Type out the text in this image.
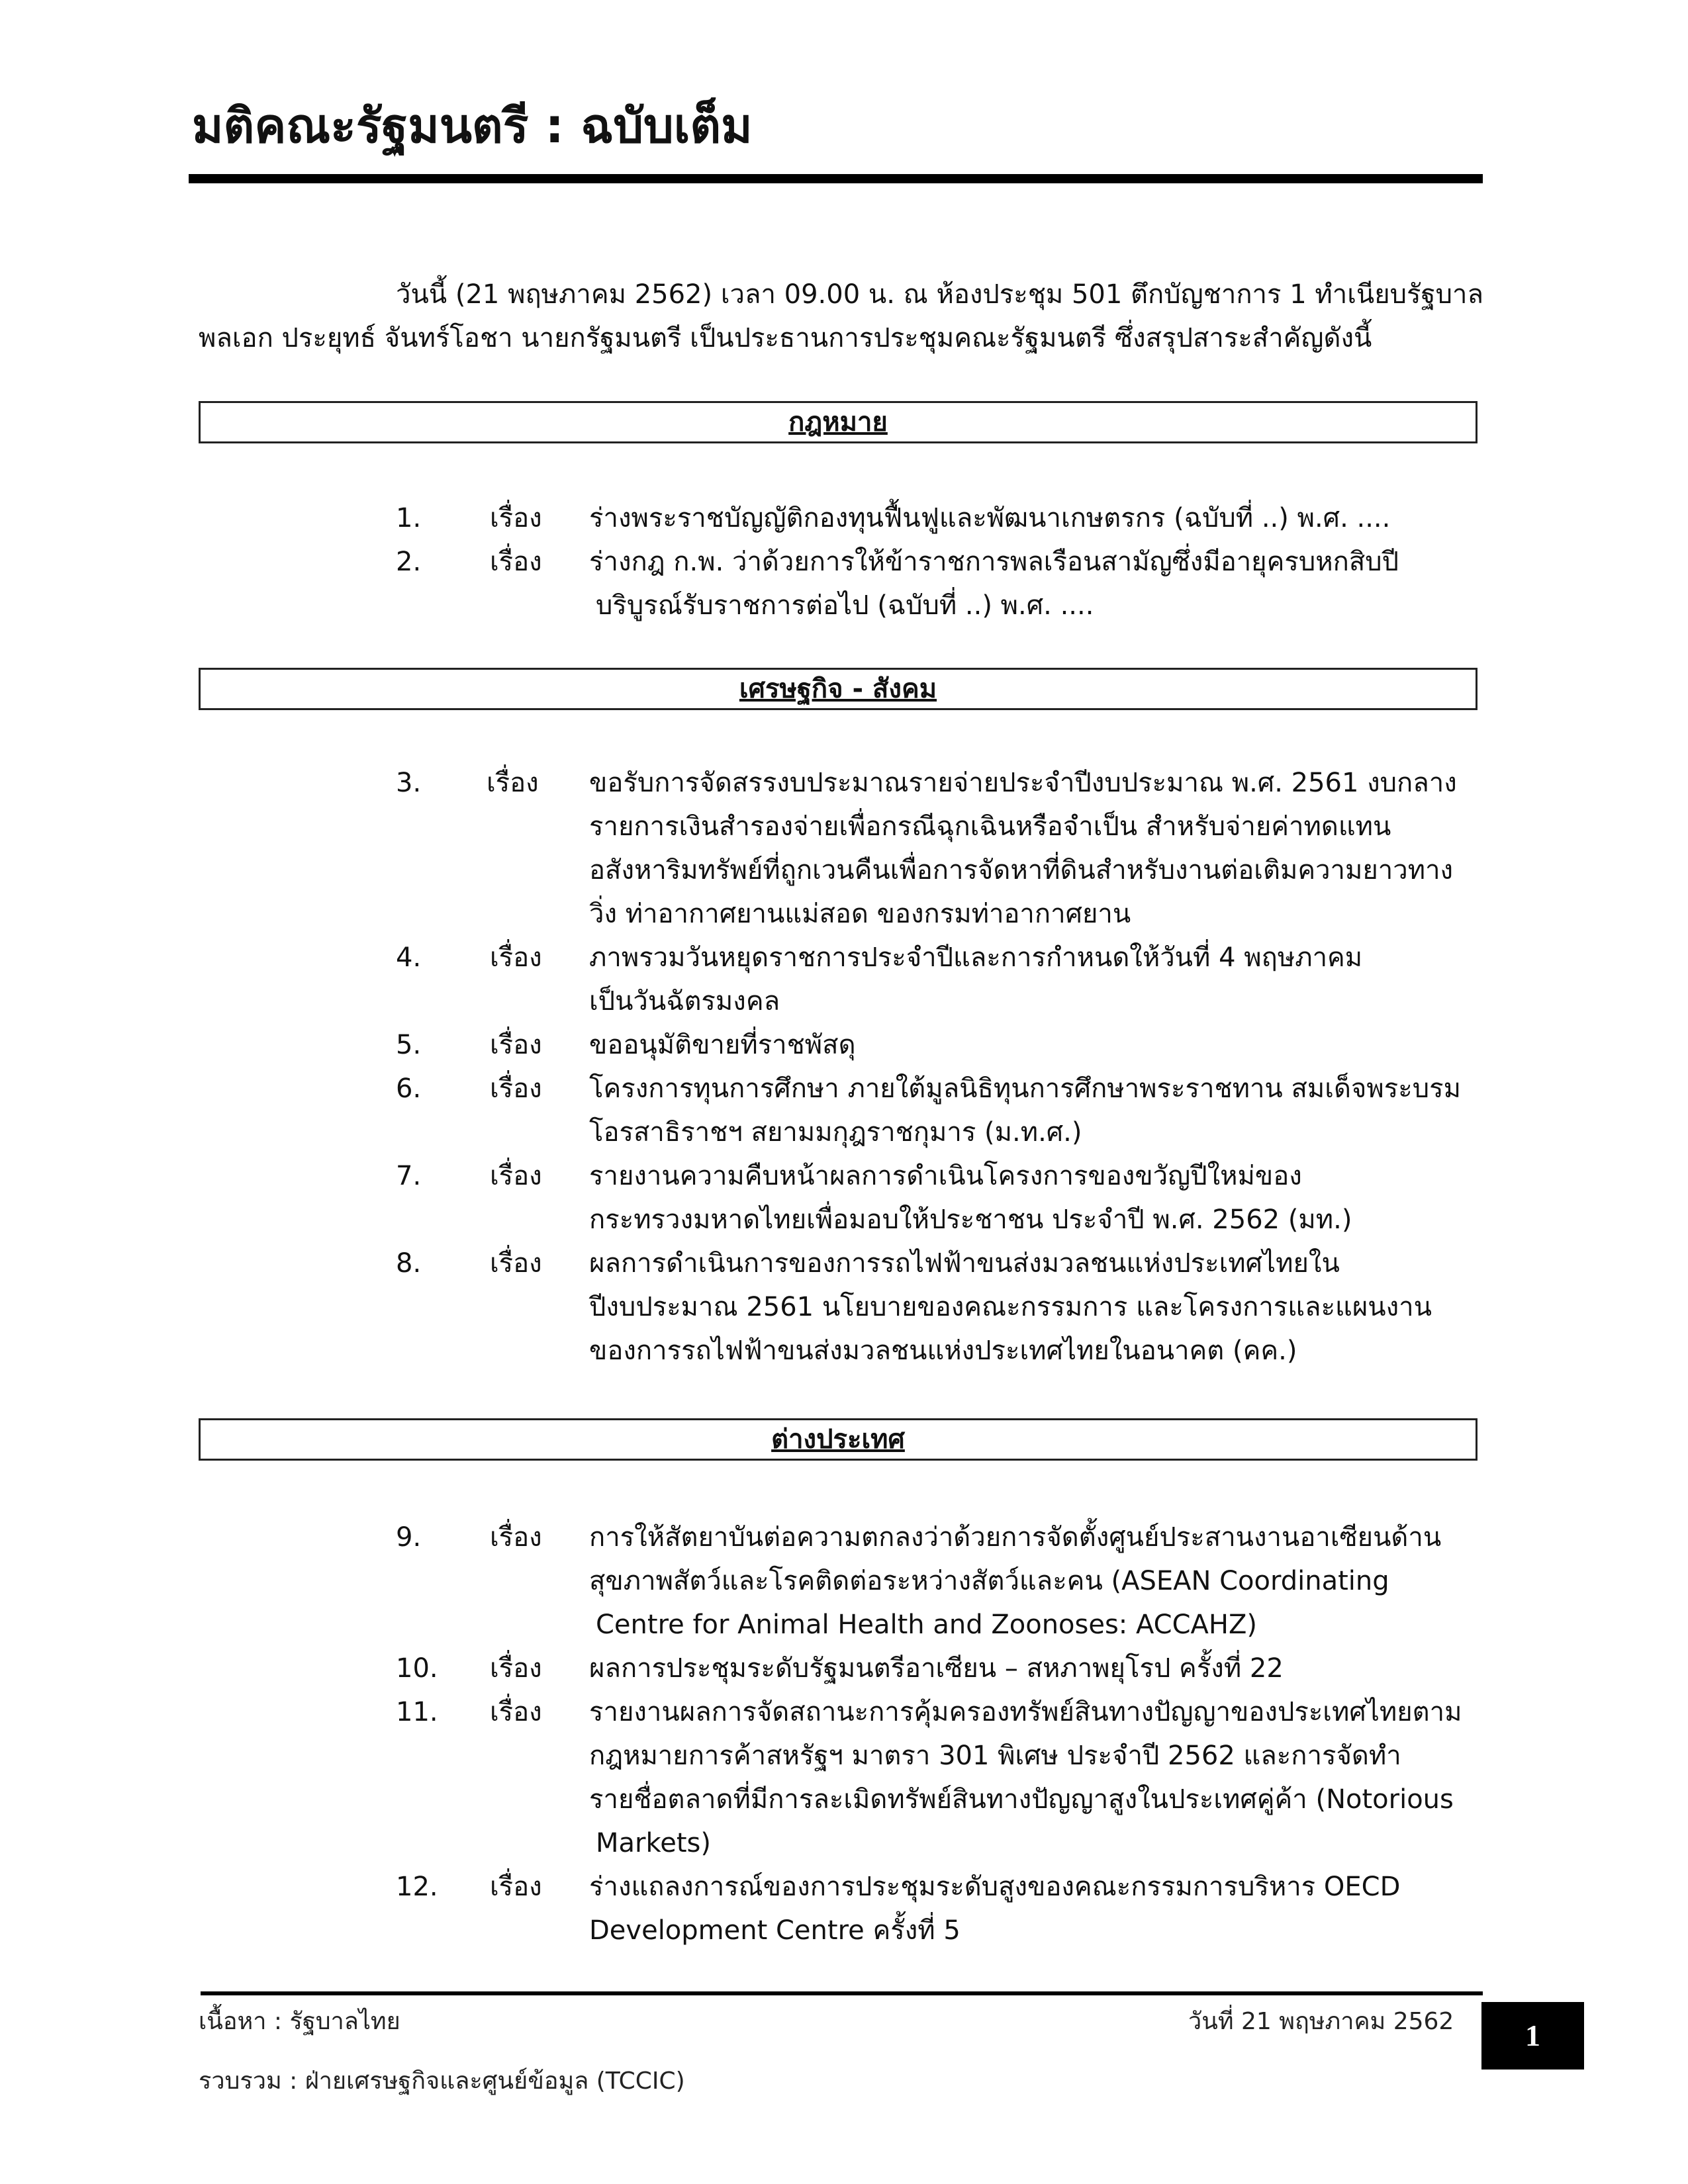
มติคณะรัฐมนตรี : ฉบับเต็ม
วันนี้ (21 พฤษภาคม 2562) เวลา 09.00 น. ณ ห้องประชุม 501 ตึกบัญชาการ 1 ทำเนียบรัฐบาล
พลเอก ประยุทธ์ จันทร์โอชา นายกรัฐมนตรี เป็นประธานการประชุมคณะรัฐมนตรี ซึ่งสรุปสาระสำคัญดังนี้
กฎหมาย
1.	เรื่อง ร่างพระราชบัญญัติกองทุนฟื้นฟูและพัฒนาเกษตรกร (ฉบับที่ ..) พ.ศ. ....
2.	เรื่อง ร่างกฎ ก.พ. ว่าด้วยการให้ข้าราชการพลเรือนสามัญซึ่งมีอายุครบหกสิบปี
บริบูรณ์รับราชการต่อไป (ฉบับที่ ..) พ.ศ. ....
เศรษฐกิจ - สังคม
3. เรื่อง ขอรับการจัดสรรงบประมาณรายจ่ายประจำปีงบประมาณ พ.ศ. 2561 งบกลาง
รายการเงินสำรองจ่ายเพื่อกรณีฉุกเฉินหรือจำเป็น สำหรับจ่ายค่าทดแทน
อสังหาริมทรัพย์ที่ถูกเวนคืนเพื่อการจัดหาที่ดินสำหรับงานต่อเติมความยาวทาง
วิ่ง ท่าอากาศยานแม่สอด ของกรมท่าอากาศยาน
4.	เรื่อง ภาพรวมวันหยุดราชการประจำปีและการกำหนดให้วันที่ 4 พฤษภาคม
เป็นวันฉัตรมงคล
5.	เรื่อง ขออนุมัติขายที่ราชพัสดุ
6.	เรื่อง โครงการทุนการศึกษา ภายใต้มูลนิธิทุนการศึกษาพระราชทาน สมเด็จพระบรม
โอรสาธิราชฯ สยามมกุฎราชกุมาร (ม.ท.ศ.)
7.	เรื่อง รายงานความคืบหน้าผลการดำเนินโครงการของขวัญปีใหม่ของ
กระทรวงมหาดไทยเพื่อมอบให้ประชาชน ประจำปี พ.ศ. 2562 (มท.)
8.	เรื่อง ผลการดำเนินการของการรถไฟฟ้าขนส่งมวลชนแห่งประเทศไทยใน
ปีงบประมาณ 2561 นโยบายของคณะกรรมการ และโครงการและแผนงาน
ของการรถไฟฟ้าขนส่งมวลชนแห่งประเทศไทยในอนาคต (คค.)
ต่างประเทศ
9.	เรื่อง การให้สัตยาบันต่อความตกลงว่าด้วยการจัดตั้งศูนย์ประสานงานอาเซียนด้าน
สุขภาพสัตว์และโรคติดต่อระหว่างสัตว์และคน (ASEAN Coordinating
Centre for Animal Health and Zoonoses: ACCAHZ)
10. เรื่อง ผลการประชุมระดับรัฐมนตรีอาเซียน – สหภาพยุโรป ครั้งที่ 22
11. เรื่อง รายงานผลการจัดสถานะการคุ้มครองทรัพย์สินทางปัญญาของประเทศไทยตาม
กฎหมายการค้าสหรัฐฯ มาตรา 301 พิเศษ ประจำปี 2562 และการจัดทำ
รายชื่อตลาดที่มีการละเมิดทรัพย์สินทางปัญญาสูงในประเทศคู่ค้า (Notorious
Markets)
12. เรื่อง ร่างแถลงการณ์ของการประชุมระดับสูงของคณะกรรมการบริหาร OECD
Development Centre ครั้งที่ 5
เนื้อหา : รัฐบาลไทย	วันที่ 21 พฤษภาคม 2562
รวบรวม : ฝ่ายเศรษฐกิจและศูนย์ข้อมูล (TCCIC)
1
